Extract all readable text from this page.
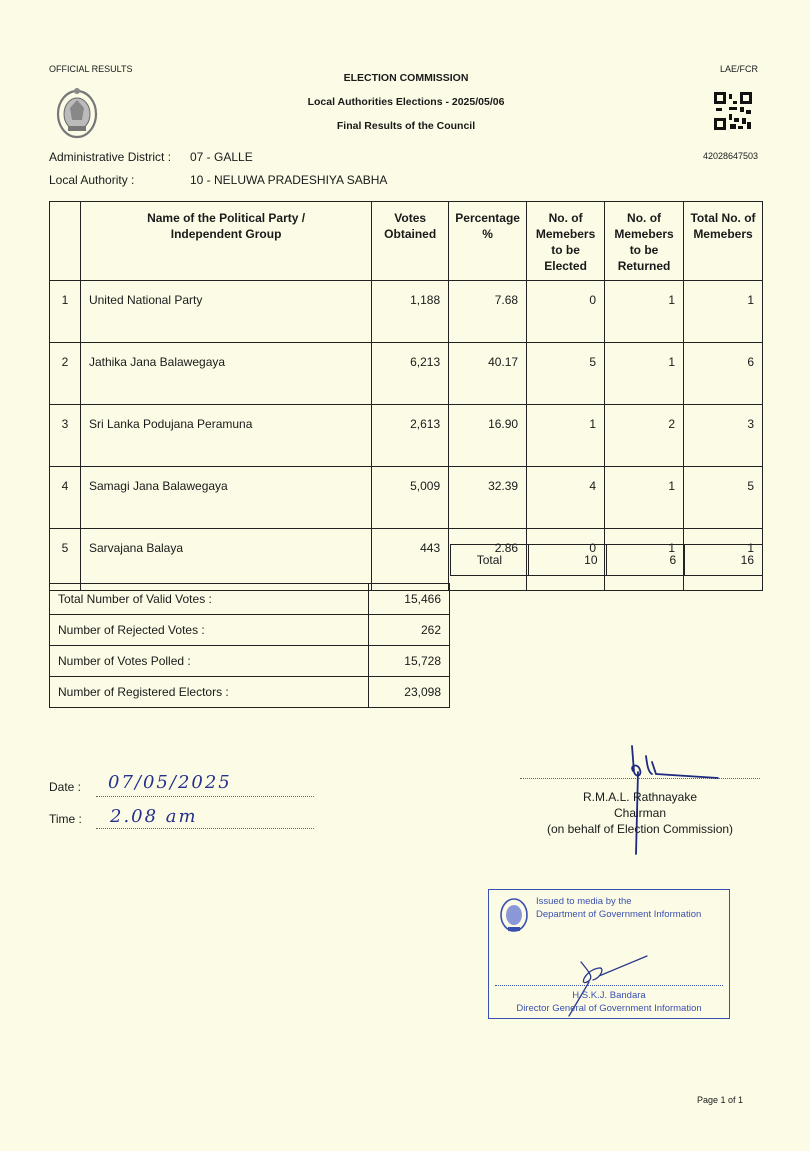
OFFICIAL RESULTS	LAE/FCR
ELECTION COMMISSION
Local Authorities Elections - 2025/05/06
Final Results of the Council
42028647503
Administrative District : 07 - GALLE
Local Authority :	10 - NELUWA PRADESHIYA SABHA
	Name of the Political Party / Independent Group	Votes Obtained	Percentage %	No. of Memebers to be Elected	No. of Memebers to be Returned	Total No. of Memebers
1	United National Party	1,188	7.68	0	1	1
2	Jathika Jana Balawegaya	6,213	40.17	5	1	6
3	Sri Lanka Podujana Peramuna	2,613	16.90	1	2	3
4	Samagi Jana Balawegaya	5,009	32.39	4	1	5
5	Sarvajana Balaya	443	2.86	0	1	1
Total	10	6	16
Total Number of Valid Votes :	15,466
Number of Rejected Votes :	262
Number of Votes Polled :	15,728
Number of Registered Electors :	23,098
Date : 07/05/2025
Time : 2.08 am
R.M.A.L. Rathnayake
Chairman
(on behalf of Election Commission)
Issued to media by the
Department of Government Information
H.S.K.J. Bandara
Director General of Government Information
Page 1 of 1
